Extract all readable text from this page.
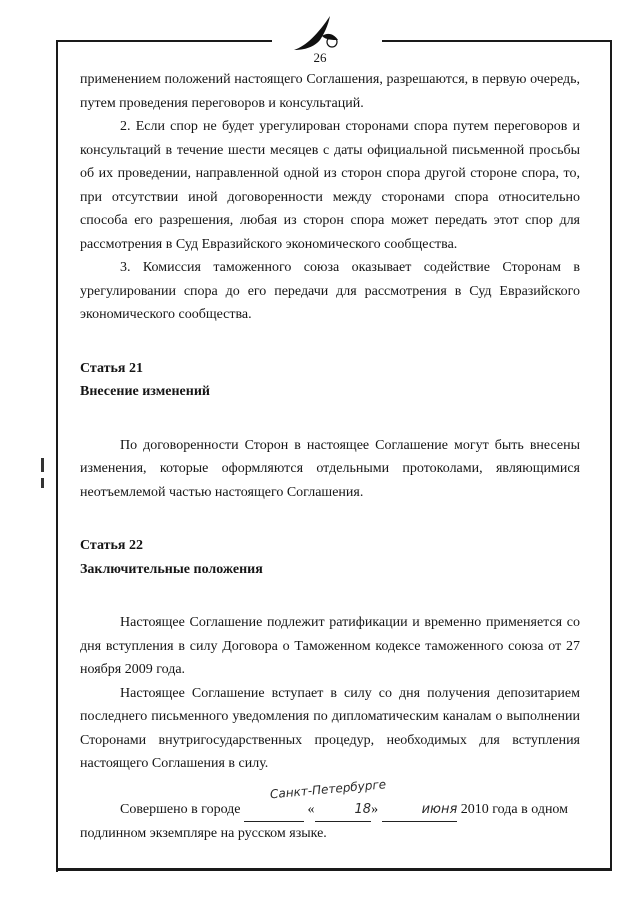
26

применением положений настоящего Соглашения, разрешаются, в первую очередь, путем проведения переговоров и консультаций.

2. Если спор не будет урегулирован сторонами спора путем переговоров и консультаций в течение шести месяцев с даты официальной письменной просьбы об их проведении, направленной одной из сторон спора другой стороне спора, то, при отсутствии иной договоренности между сторонами спора относительно способа его разрешения, любая из сторон спора может передать этот спор для рассмотрения в Суд Евразийского экономического сообщества.

3. Комиссия таможенного союза оказывает содействие Сторонам в урегулировании спора до его передачи для рассмотрения в Суд Евразийского экономического сообщества.

Статья 21

Внесение изменений

По договоренности Сторон в настоящее Соглашение могут быть внесены изменения, которые оформляются отдельными протоколами, являющимися неотъемлемой частью настоящего Соглашения.

Статья 22

Заключительные положения

Настоящее Соглашение подлежит ратификации и временно применяется со дня вступления в силу Договора о Таможенном кодексе таможенного союза от 27 ноября 2009 года.

Настоящее Соглашение вступает в силу со дня получения депозитарием последнего письменного уведомления по дипломатическим каналам о выполнении Сторонами внутригосударственных процедур, необходимых для вступления настоящего Соглашения в силу.

Санкт-Петербурге
Совершено в городе	«	18»	июня 2010 года в одном

подлинном экземпляре на русском языке.
